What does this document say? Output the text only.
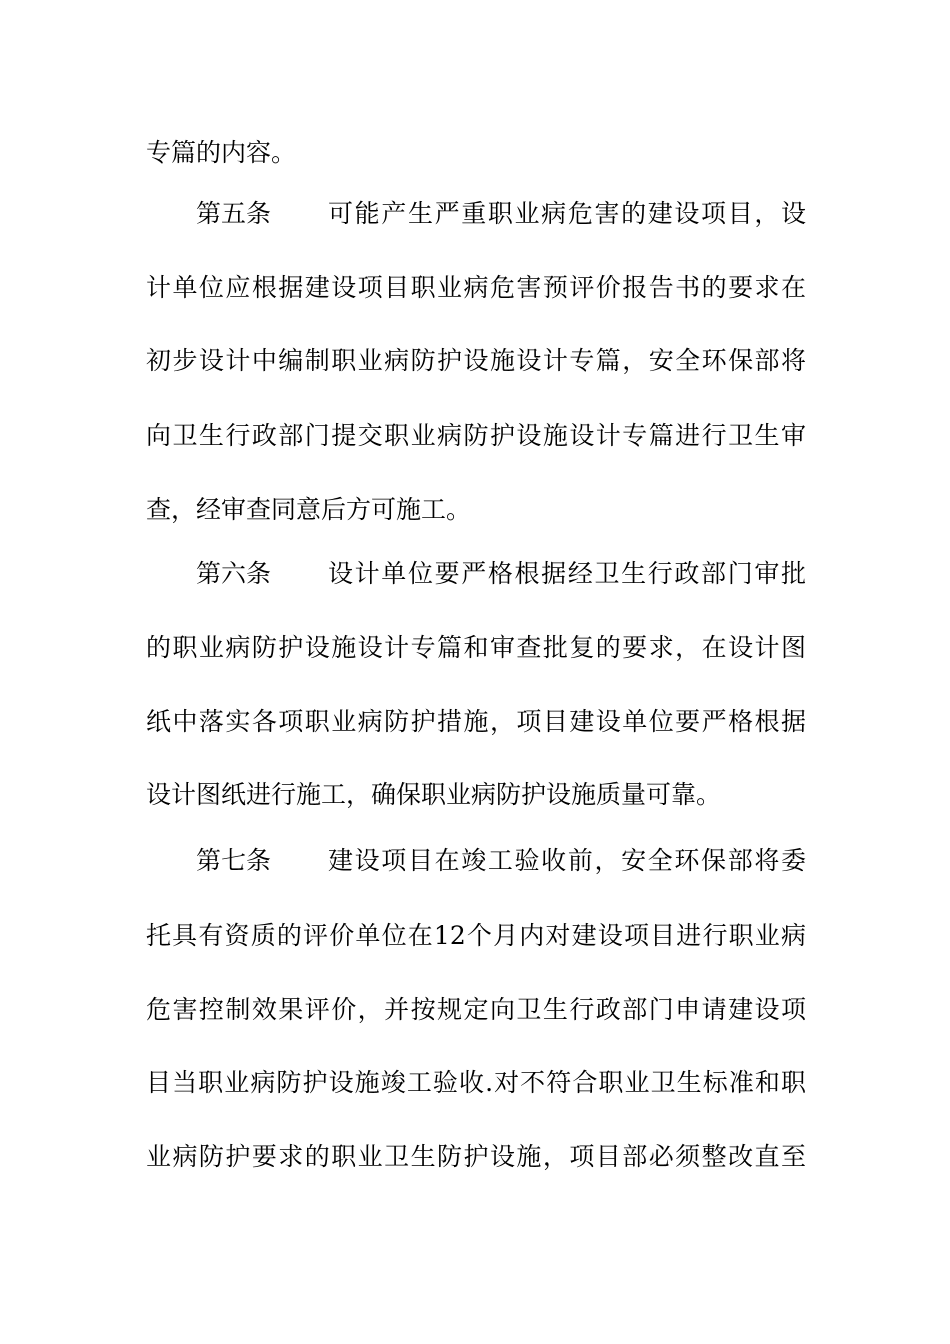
专篇的内容。
第五条 可能产生严重职业病危害的建设项目，设
计单位应根据建设项目职业病危害预评价报告书的要求在
初步设计中编制职业病防护设施设计专篇，安全环保部将
向卫生行政部门提交职业病防护设施设计专篇进行卫生审
查，经审查同意后方可施工。
第六条 设计单位要严格根据经卫生行政部门审批
的职业病防护设施设计专篇和审查批复的要求，在设计图
纸中落实各项职业病防护措施，项目建设单位要严格根据
设计图纸进行施工，确保职业病防护设施质量可靠。
第七条 建设项目在竣工验收前，安全环保部将委
托具有资质的评价单位在12个月内对建设项目进行职业病
危害控制效果评价，并按规定向卫生行政部门申请建设项
目当职业病防护设施竣工验收.对不符合职业卫生标准和职
业病防护要求的职业卫生防护设施，项目部必须整改直至
